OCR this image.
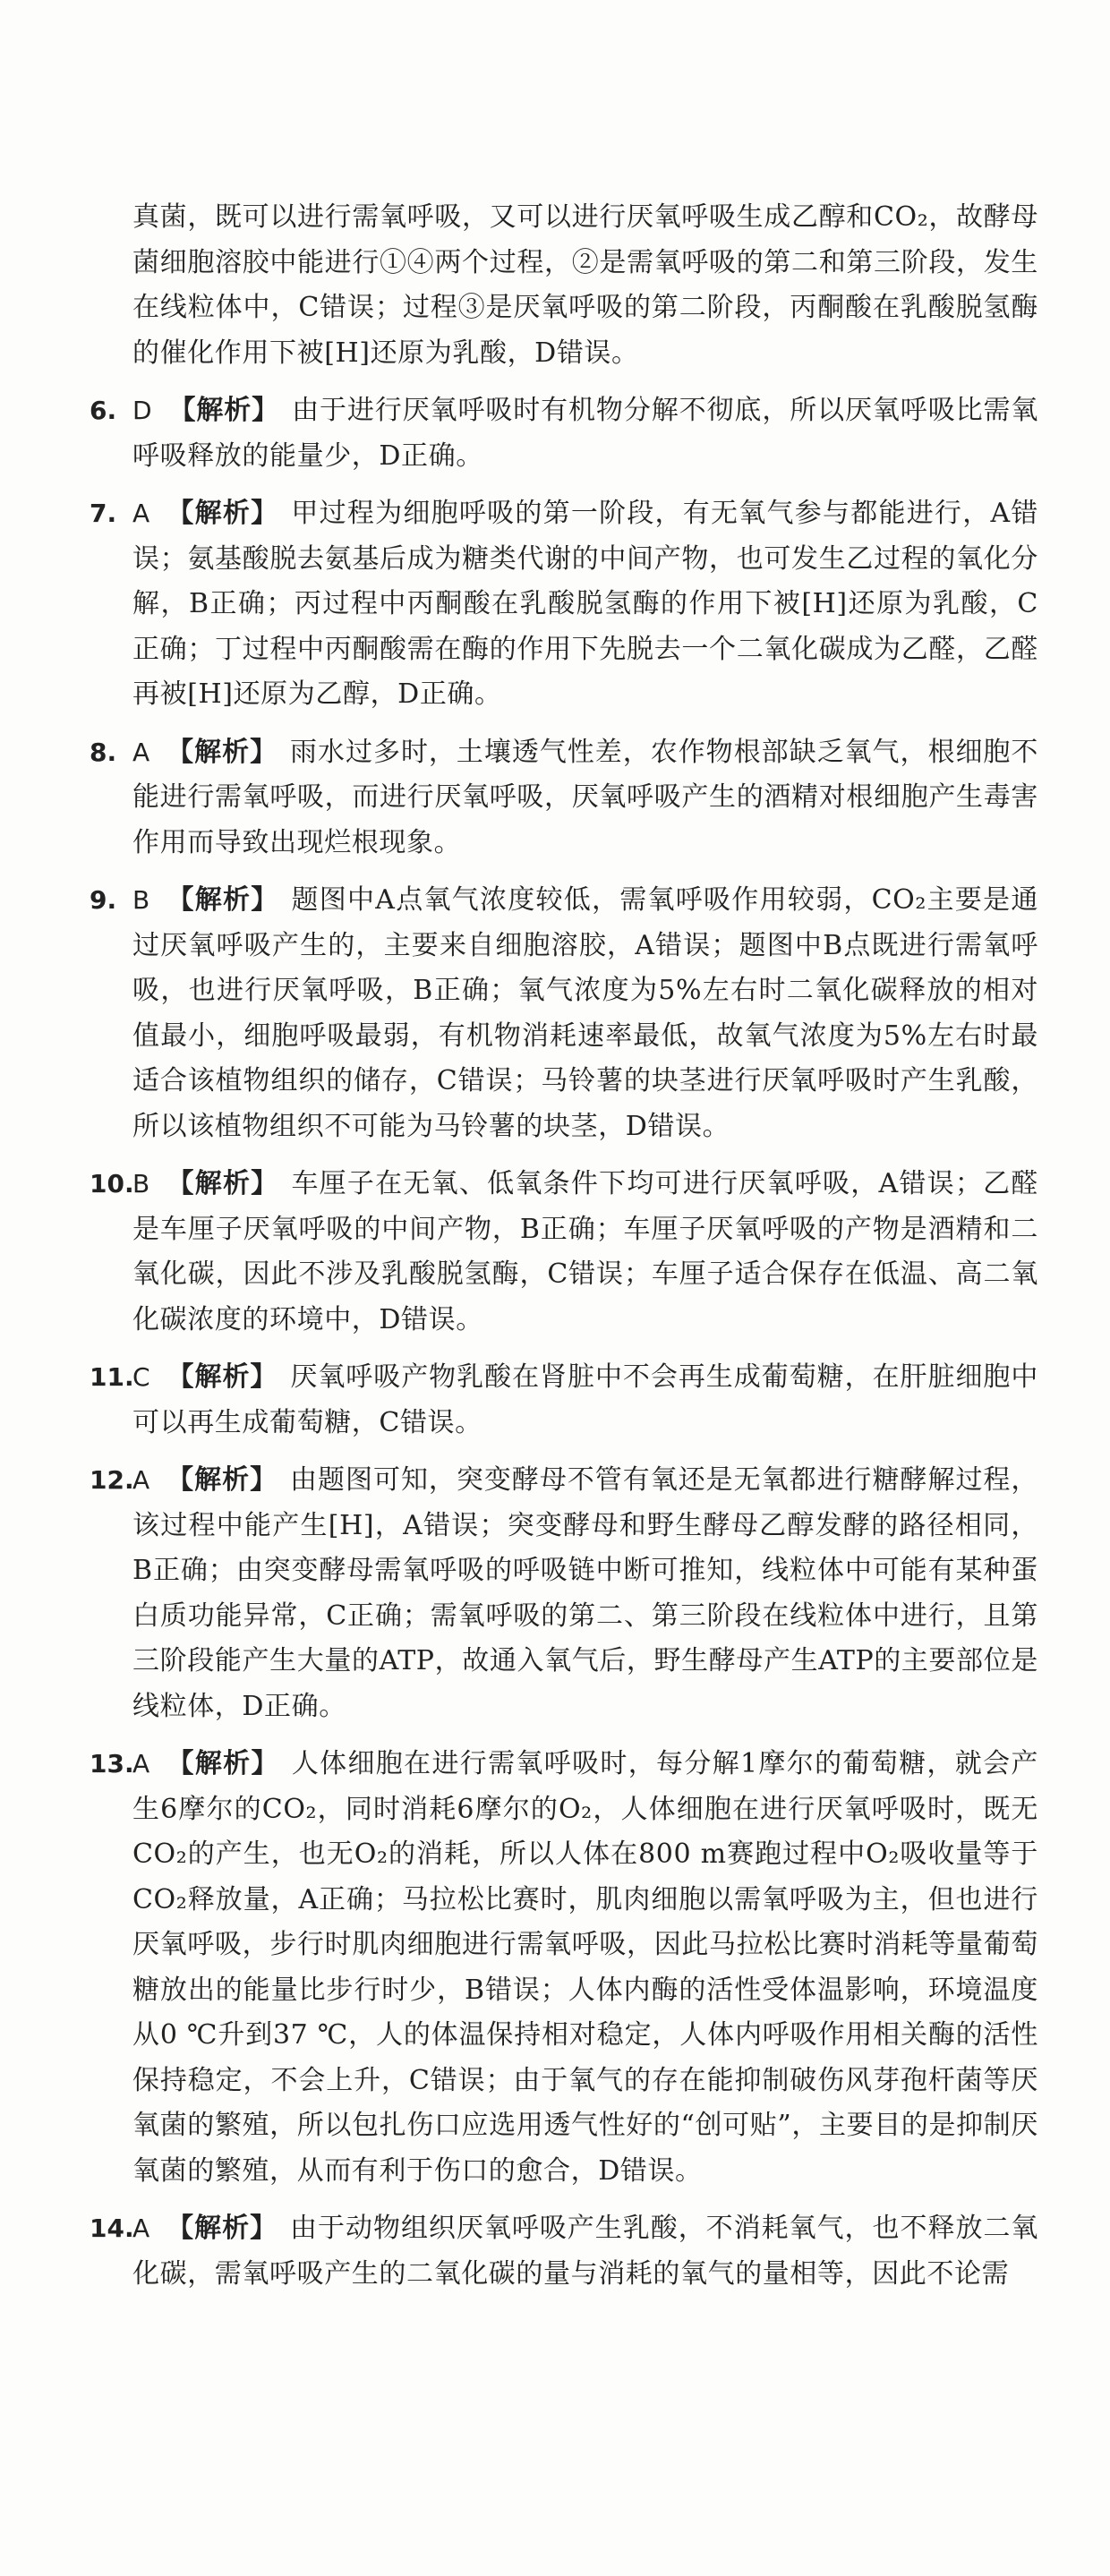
真菌，既可以进行需氧呼吸，又可以进行厌氧呼吸生成乙醇和CO₂，故酵母菌细胞溶胶中能进行①④两个过程，②是需氧呼吸的第二和第三阶段，发生在线粒体中，C错误；过程③是厌氧呼吸的第二阶段，丙酮酸在乳酸脱氢酶的催化作用下被[H]还原为乳酸，D错误。

6. D 【解析】 由于进行厌氧呼吸时有机物分解不彻底，所以厌氧呼吸比需氧呼吸释放的能量少，D正确。
7. A 【解析】 甲过程为细胞呼吸的第一阶段，有无氧气参与都能进行，A错误；氨基酸脱去氨基后成为糖类代谢的中间产物，也可发生乙过程的氧化分解，B正确；丙过程中丙酮酸在乳酸脱氢酶的作用下被[H]还原为乳酸，C正确；丁过程中丙酮酸需在酶的作用下先脱去一个二氧化碳成为乙醛，乙醛再被[H]还原为乙醇，D正确。
8. A 【解析】 雨水过多时，土壤透气性差，农作物根部缺乏氧气，根细胞不能进行需氧呼吸，而进行厌氧呼吸，厌氧呼吸产生的酒精对根细胞产生毒害作用而导致出现烂根现象。
9. B 【解析】 题图中A点氧气浓度较低，需氧呼吸作用较弱，CO₂主要是通过厌氧呼吸产生的，主要来自细胞溶胶，A错误；题图中B点既进行需氧呼吸，也进行厌氧呼吸，B正确；氧气浓度为5%左右时二氧化碳释放的相对值最小，细胞呼吸最弱，有机物消耗速率最低，故氧气浓度为5%左右时最适合该植物组织的储存，C错误；马铃薯的块茎进行厌氧呼吸时产生乳酸，所以该植物组织不可能为马铃薯的块茎，D错误。
10.
B 【解析】 车厘子在无氧、低氧条件下均可进行厌氧呼吸，A错误；乙醛是车厘子厌氧呼吸的中间产物，B正确；车厘子厌氧呼吸的产物是酒精和二氧化碳，因此不涉及乳酸脱氢酶，C错误；车厘子适合保存在低温、高二氧化碳浓度的环境中，D错误。
11.
C 【解析】 厌氧呼吸产物乳酸在肾脏中不会再生成葡萄糖，在肝脏细胞中可以再生成葡萄糖，C错误。
12.
A 【解析】 由题图可知，突变酵母不管有氧还是无氧都进行糖酵解过程，该过程中能产生[H]，A错误；突变酵母和野生酵母乙醇发酵的路径相同，B正确；由突变酵母需氧呼吸的呼吸链中断可推知，线粒体中可能有某种蛋白质功能异常，C正确；需氧呼吸的第二、第三阶段在线粒体中进行，且第三阶段能产生大量的ATP，故通入氧气后，野生酵母产生ATP的主要部位是线粒体，D正确。
13.
A 【解析】 人体细胞在进行需氧呼吸时，每分解1摩尔的葡萄糖，就会产生6摩尔的CO₂，同时消耗6摩尔的O₂，人体细胞在进行厌氧呼吸时，既无CO₂的产生，也无O₂的消耗，所以人体在800 m赛跑过程中O₂吸收量等于CO₂释放量，A正确；马拉松比赛时，肌肉细胞以需氧呼吸为主，但也进行厌氧呼吸，步行时肌肉细胞进行需氧呼吸，因此马拉松比赛时消耗等量葡萄糖放出的能量比步行时少，B错误；人体内酶的活性受体温影响，环境温度从0 ℃升到37 ℃，人的体温保持相对稳定，人体内呼吸作用相关酶的活性保持稳定，不会上升，C错误；由于氧气的存在能抑制破伤风芽孢杆菌等厌氧菌的繁殖，所以包扎伤口应选用透气性好的“创可贴”，主要目的是抑制厌氧菌的繁殖，从而有利于伤口的愈合，D错误。
14.
A 【解析】 由于动物组织厌氧呼吸产生乳酸，不消耗氧气，也不释放二氧化碳，需氧呼吸产生的二氧化碳的量与消耗的氧气的量相等，因此不论需
